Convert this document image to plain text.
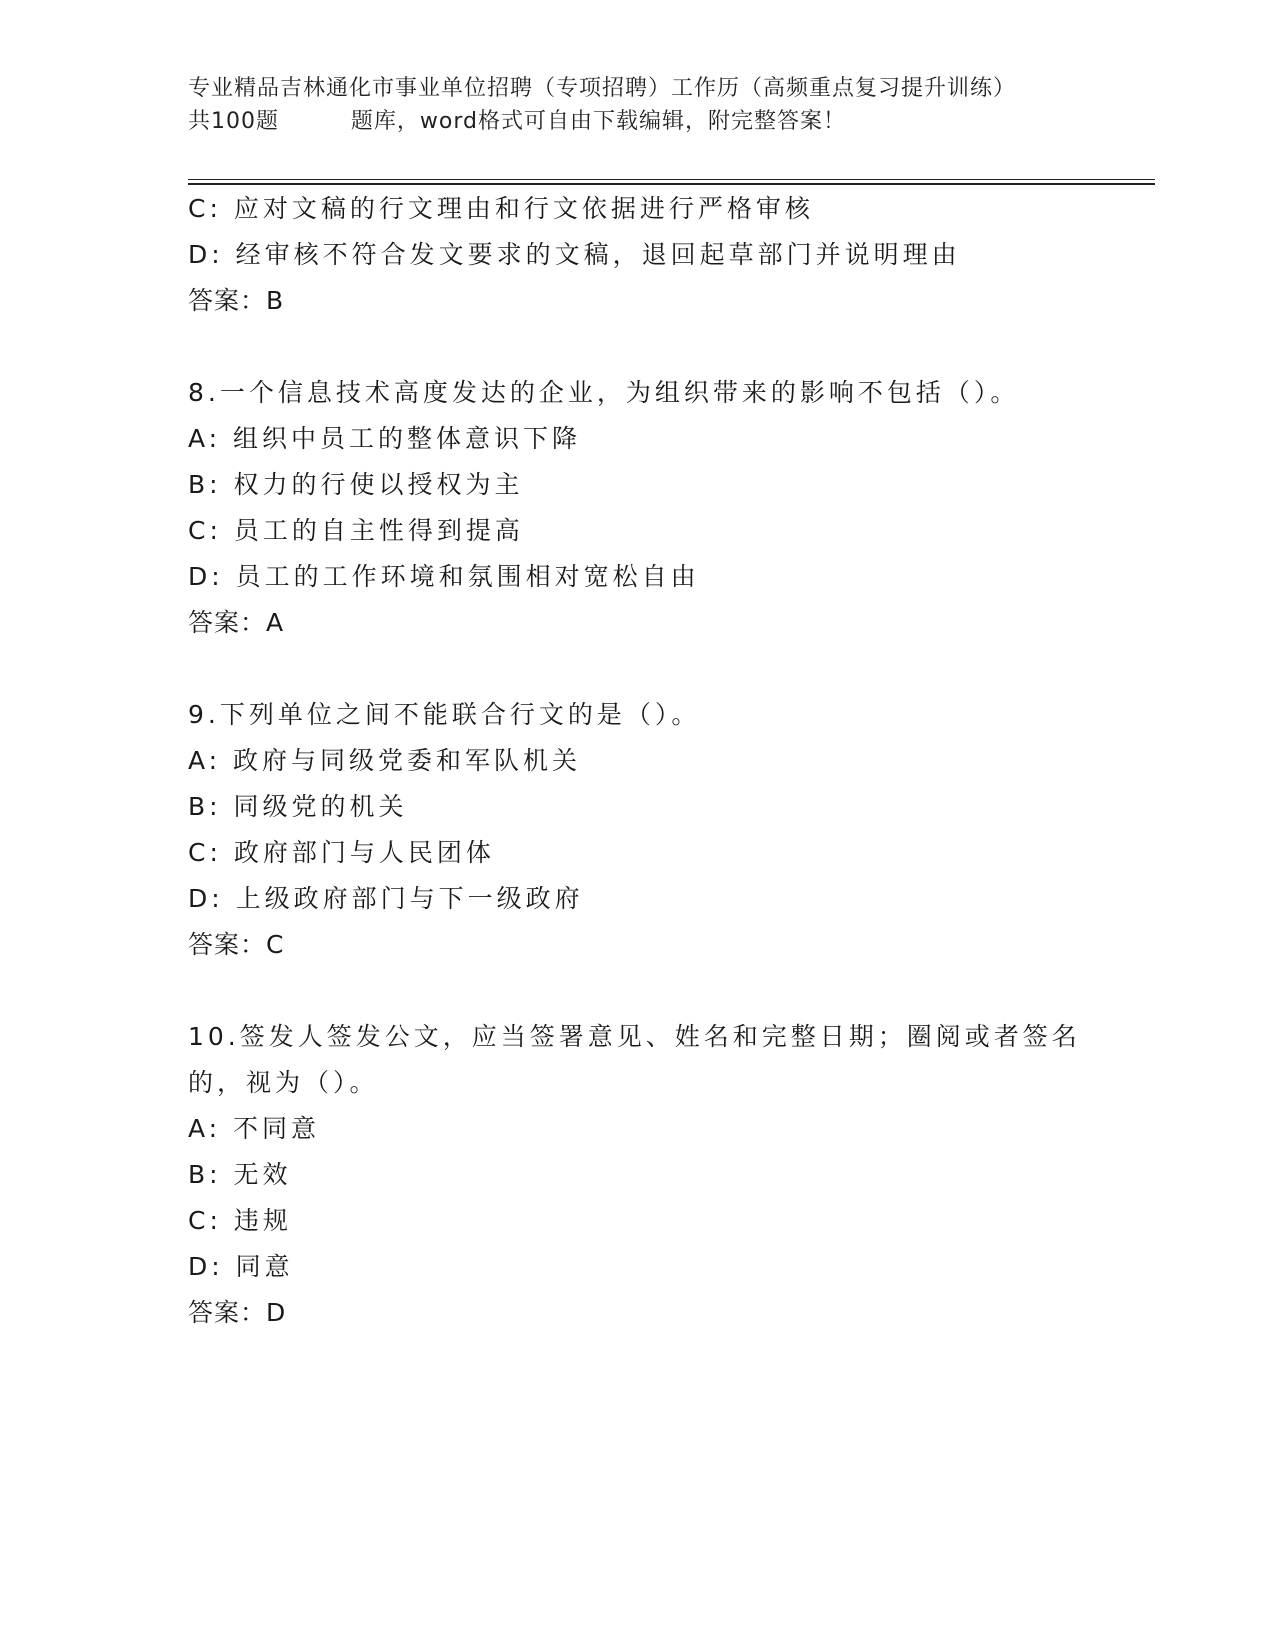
专业精品吉林通化市事业单位招聘（专项招聘）工作历（高频重点复习提升训练）
共100题         题库，word格式可自由下载编辑，附完整答案！
C: 应对文稿的行文理由和行文依据进行严格审核
D: 经审核不符合发文要求的文稿，退回起草部门并说明理由
答案：B
8.一个信息技术高度发达的企业，为组织带来的影响不包括（）。
A: 组织中员工的整体意识下降
B: 权力的行使以授权为主
C: 员工的自主性得到提高
D: 员工的工作环境和氛围相对宽松自由
答案：A
9.下列单位之间不能联合行文的是（）。
A: 政府与同级党委和军队机关
B: 同级党的机关
C: 政府部门与人民团体
D: 上级政府部门与下一级政府
答案：C
10.签发人签发公文，应当签署意见、姓名和完整日期；圈阅或者签名
的，视为（）。
A: 不同意
B: 无效
C: 违规
D: 同意
答案：D
